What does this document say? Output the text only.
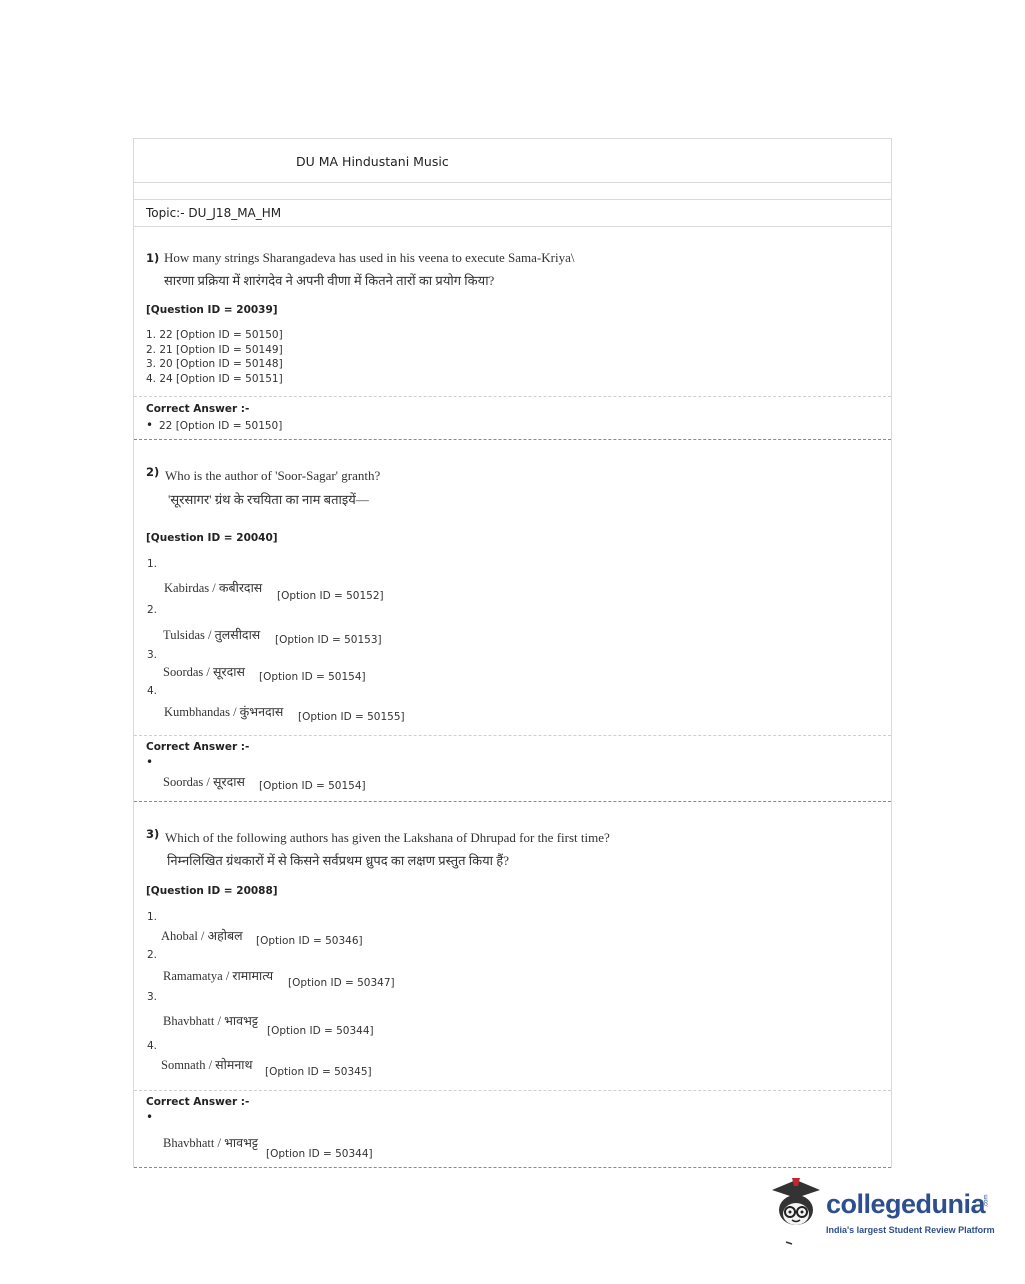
DU MA Hindustani Music
Topic:- DU_J18_MA_HM
1) How many strings Sharangadeva has used in his veena to execute Sama-Kriya\
सारणा प्रक्रिया में शारंगदेव ने अपनी वीणा में कितने तारों का प्रयोग किया?
[Question ID = 20039]
1. 22 [Option ID = 50150]
2. 21 [Option ID = 50149]
3. 20 [Option ID = 50148]
4. 24 [Option ID = 50151]
Correct Answer :-
• 22 [Option ID = 50150]
2) Who is the author of 'Soor-Sagar' granth?
'सूरसागर' ग्रंथ के रचयिता का नाम बताइयें—
[Question ID = 20040]
1.
Kabirdas / कबीरदास
[Option ID = 50152]
2.
Tulsidas / तुलसीदास [Option ID = 50153]
3.
Soordas / सूरदास [Option ID = 50154]
4.
Kumbhandas / कुंभनदास [Option ID = 50155]
Correct Answer :-
•
Soordas / सूरदास [Option ID = 50154]
3) Which of the following authors has given the Lakshana of Dhrupad for the first time?
निम्नलिखित ग्रंथकारों में से किसने सर्वप्रथम ध्रुपद का लक्षण प्रस्तुत किया हैं?
[Question ID = 20088]
1.
Ahobal / अहोबल [Option ID = 50346]
2.
Ramamatya / रामामात्य [Option ID = 50347]
3.
Bhavbhatt / भावभट्ट
[Option ID = 50344]
4.
Somnath / सोमनाथ [Option ID = 50345]
Correct Answer :-
•
Bhavbhatt / भावभट्ट
[Option ID = 50344]
collegedunia
.com
India's largest Student Review Platform
